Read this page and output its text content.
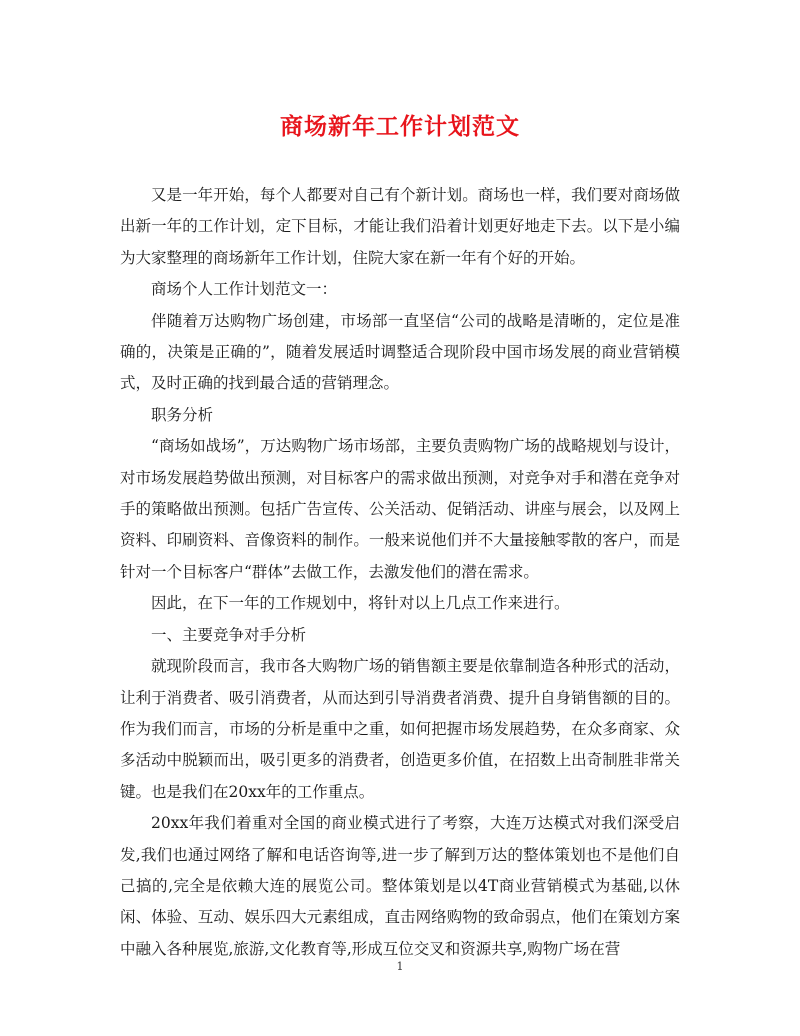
商场新年工作计划范文

又是一年开始，每个人都要对自己有个新计划。商场也一样，我们要对商场做出新一年的工作计划，定下目标，才能让我们沿着计划更好地走下去。以下是小编为大家整理的商场新年工作计划，住院大家在新一年有个好的开始。

商场个人工作计划范文一：

伴随着万达购物广场创建，市场部一直坚信“公司的战略是清晰的，定位是准确的，决策是正确的”，随着发展适时调整适合现阶段中国市场发展的商业营销模式，及时正确的找到最合适的营销理念。

职务分析

“商场如战场”，万达购物广场市场部，主要负责购物广场的战略规划与设计，对市场发展趋势做出预测，对目标客户的需求做出预测，对竞争对手和潜在竞争对手的策略做出预测。包括广告宣传、公关活动、促销活动、讲座与展会，以及网上资料、印刷资料、音像资料的制作。一般来说他们并不大量接触零散的客户，而是针对一个目标客户“群体”去做工作，去激发他们的潜在需求。

因此，在下一年的工作规划中，将针对以上几点工作来进行。

一、主要竞争对手分析

就现阶段而言，我市各大购物广场的销售额主要是依靠制造各种形式的活动，让利于消费者、吸引消费者，从而达到引导消费者消费、提升自身销售额的目的。作为我们而言，市场的分析是重中之重，如何把握市场发展趋势，在众多商家、众多活动中脱颖而出，吸引更多的消费者，创造更多价值，在招数上出奇制胜非常关键。也是我们在20xx年的工作重点。

20xx年我们着重对全国的商业模式进行了考察，大连万达模式对我们深受启发,我们也通过网络了解和电话咨询等,进一步了解到万达的整体策划也不是他们自己搞的,完全是依赖大连的展览公司。整体策划是以4T商业营销模式为基础,以休闲、体验、互动、娱乐四大元素组成，直击网络购物的致命弱点，他们在策划方案中融入各种展览,旅游,文化教育等,形成互位交叉和资源共享,购物广场在营

1
